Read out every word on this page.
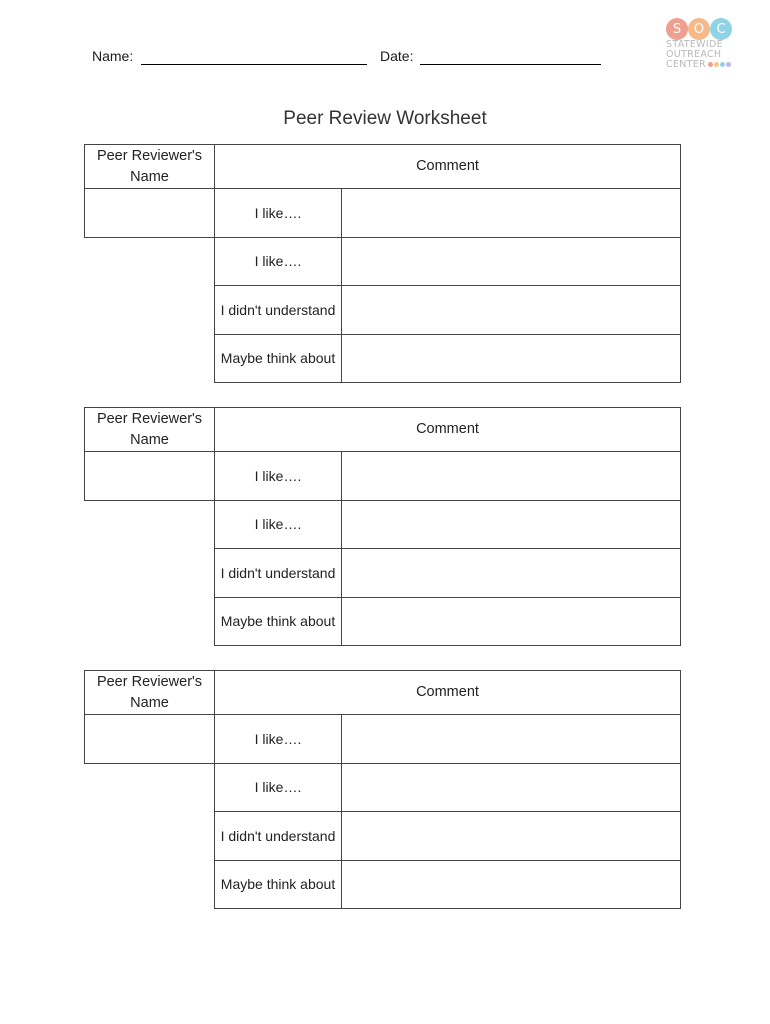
Name:	Date:
S O C
STATEWIDE
OUTREACH
CENTER
Peer Review Worksheet
Peer Reviewer's Name
Comment
I like….
I like….
I didn't understand
Maybe think about
Peer Reviewer's Name
Comment
I like….
I like….
I didn't understand
Maybe think about
Peer Reviewer's Name
Comment
I like….
I like….
I didn't understand
Maybe think about
